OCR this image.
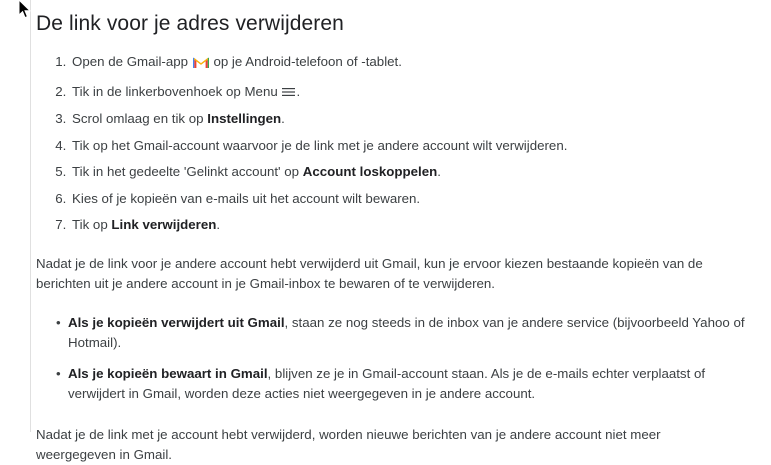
De link voor je adres verwijderen
1. Open de Gmail-app  op je Android-telefoon of -tablet.
2. Tik in de linkerbovenhoek op Menu .
3. Scrol omlaag en tik op Instellingen.
4. Tik op het Gmail-account waarvoor je de link met je andere account wilt verwijderen.
5. Tik in het gedeelte 'Gelinkt account' op Account loskoppelen.
6. Kies of je kopieën van e-mails uit het account wilt bewaren.
7. Tik op Link verwijderen.

Nadat je de link voor je andere account hebt verwijderd uit Gmail, kun je ervoor kiezen bestaande kopieën van de berichten uit je andere account in je Gmail-inbox te bewaren of te verwijderen.

• Als je kopieën verwijdert uit Gmail, staan ze nog steeds in de inbox van je andere service (bijvoorbeeld Yahoo of Hotmail).
• Als je kopieën bewaart in Gmail, blijven ze je in Gmail-account staan. Als je de e-mails echter verplaatst of verwijdert in Gmail, worden deze acties niet weergegeven in je andere account.

Nadat je de link met je account hebt verwijderd, worden nieuwe berichten van je andere account niet meer weergegeven in Gmail.
